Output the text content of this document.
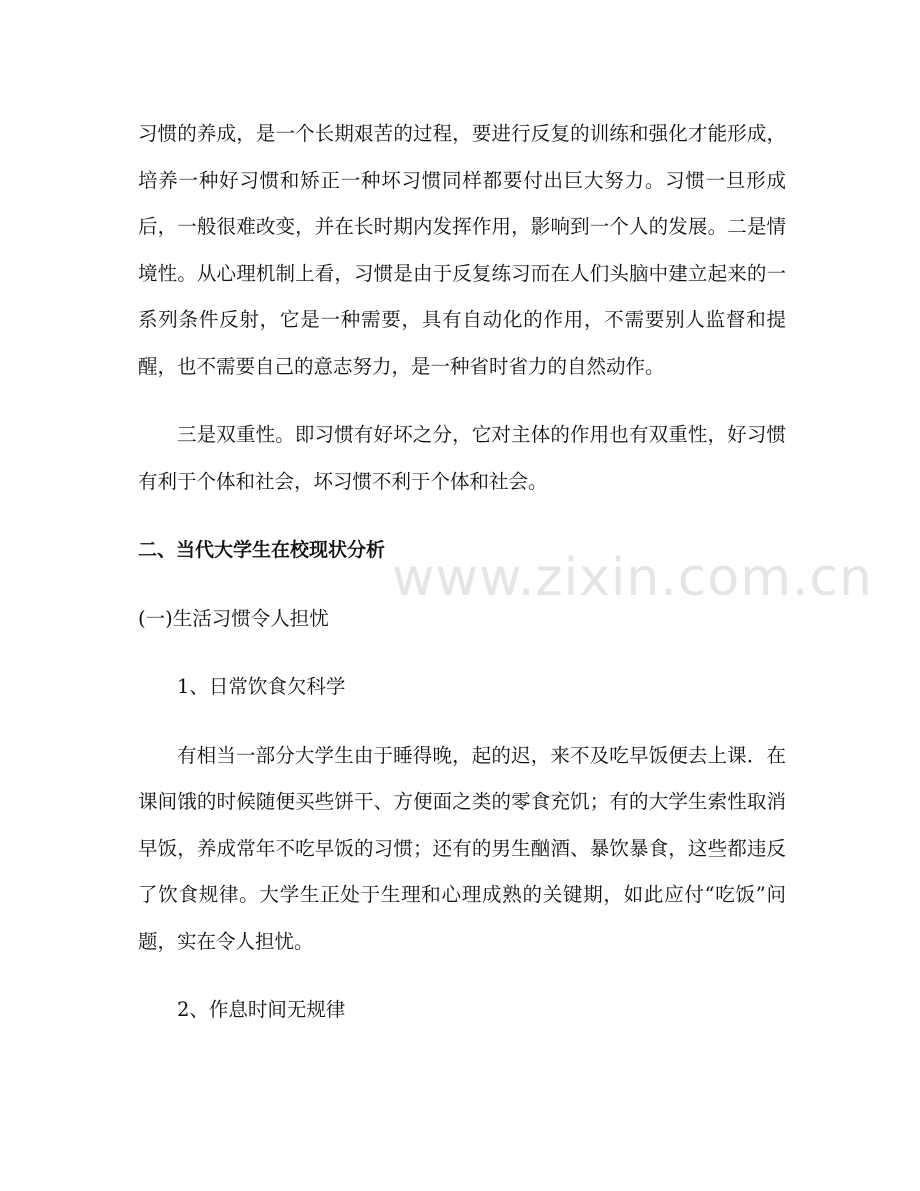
习惯的养成，是一个长期艰苦的过程，要进行反复的训练和强化才能形成，培养一种好习惯和矫正一种坏习惯同样都要付出巨大努力。习惯一旦形成后，一般很难改变，并在长时期内发挥作用，影响到一个人的发展。二是情境性。从心理机制上看，习惯是由于反复练习而在人们头脑中建立起来的一系列条件反射，它是一种需要，具有自动化的作用，不需要别人监督和提醒，也不需要自己的意志努力，是一种省时省力的自然动作。

三是双重性。即习惯有好坏之分，它对主体的作用也有双重性，好习惯有利于个体和社会，坏习惯不利于个体和社会。

二、当代大学生在校现状分析

(一)生活习惯令人担忧

1、日常饮食欠科学

有相当一部分大学生由于睡得晚，起的迟，来不及吃早饭便去上课．在课间饿的时候随便买些饼干、方便面之类的零食充饥；有的大学生索性取消早饭，养成常年不吃早饭的习惯；还有的男生酗酒、暴饮暴食，这些都违反了饮食规律。大学生正处于生理和心理成熟的关键期，如此应付“吃饭”问题，实在令人担忧。

2、作息时间无规律

www.zixin.com.cn
